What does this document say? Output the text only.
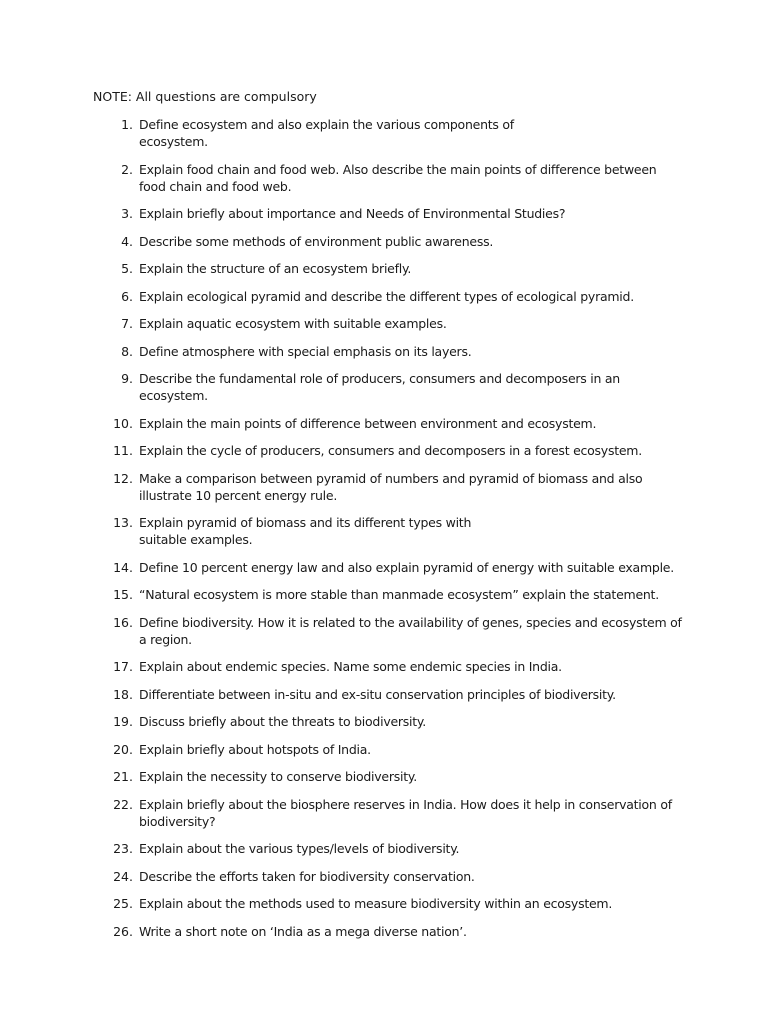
NOTE: All questions are compulsory
1. Define ecosystem and also explain the various components of ecosystem.
2. Explain food chain and food web. Also describe the main points of difference between food chain and food web.
3. Explain briefly about importance and Needs of Environmental Studies?
4. Describe some methods of environment public awareness.
5. Explain the structure of an ecosystem briefly.
6. Explain ecological pyramid and describe the different types of ecological pyramid.
7. Explain aquatic ecosystem with suitable examples.
8. Define atmosphere with special emphasis on its layers.
9. Describe the fundamental role of producers, consumers and decomposers in an ecosystem.
10. Explain the main points of difference between environment and ecosystem.
11. Explain the cycle of producers, consumers and decomposers in a forest ecosystem.
12. Make a comparison between pyramid of numbers and pyramid of biomass and also illustrate 10 percent energy rule.
13. Explain pyramid of biomass and its different types with suitable examples.
14. Define 10 percent energy law and also explain pyramid of energy with suitable example.
15. “Natural ecosystem is more stable than manmade ecosystem” explain the statement.
16. Define biodiversity. How it is related to the availability of genes, species and ecosystem of a region.
17. Explain about endemic species. Name some endemic species in India.
18. Differentiate between in-situ and ex-situ conservation principles of biodiversity.
19. Discuss briefly about the threats to biodiversity.
20. Explain briefly about hotspots of India.
21. Explain the necessity to conserve biodiversity.
22. Explain briefly about the biosphere reserves in India. How does it help in conservation of biodiversity?
23. Explain about the various types/levels of biodiversity.
24. Describe the efforts taken for biodiversity conservation.
25. Explain about the methods used to measure biodiversity within an ecosystem.
26. Write a short note on ‘India as a mega diverse nation’.
